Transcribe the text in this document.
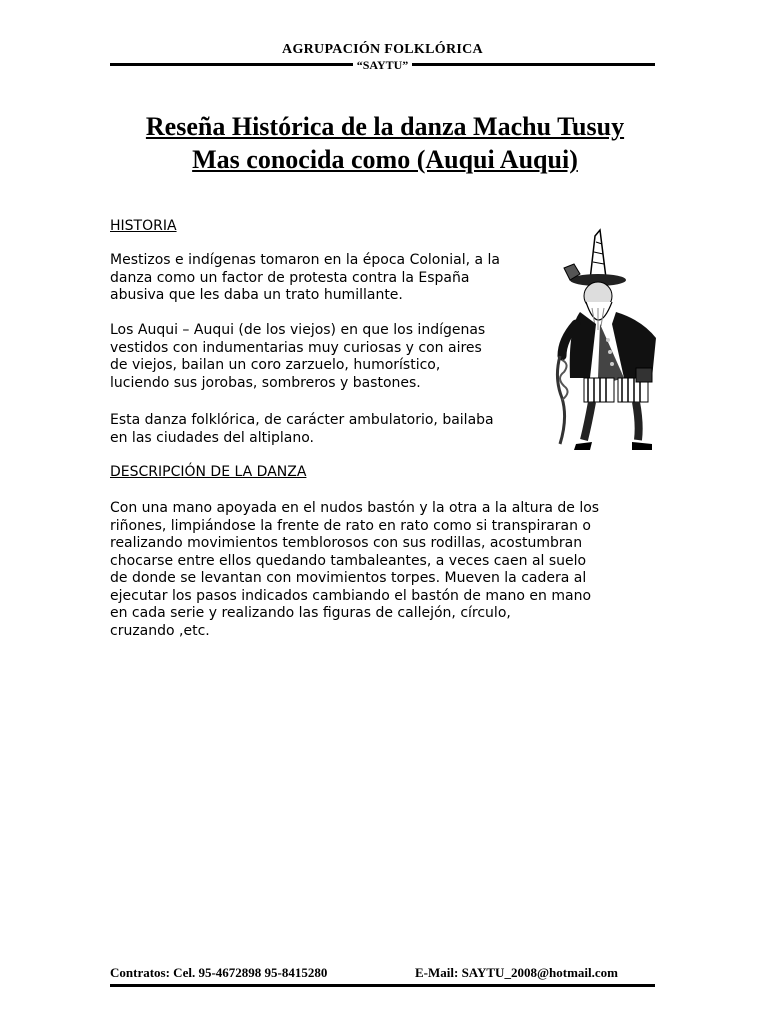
AGRUPACIÓN FOLKLÓRICA
“SAYTU”
Reseña Histórica de la danza Machu Tusuy
Mas conocida como (Auqui Auqui)
HISTORIA

Mestizos e indígenas tomaron en la época Colonial, a la
danza como un factor de protesta contra la España
abusiva que les daba un trato humillante.

Los Auqui – Auqui (de los viejos) en que los indígenas
vestidos con indumentarias muy curiosas y con aires
de viejos, bailan un coro zarzuelo, humorístico,
luciendo sus jorobas, sombreros y bastones.

Esta danza folklórica, de carácter ambulatorio, bailaba
en las ciudades del altiplano.

DESCRIPCIÓN DE LA DANZA

Con una mano apoyada en el nudos bastón y la otra a la altura de los
riñones, limpiándose la frente de rato en rato como si transpiraran o
realizando movimientos temblorosos con sus rodillas, acostumbran
chocarse entre ellos quedando tambaleantes, a veces caen al suelo
de donde se levantan con movimientos torpes. Mueven la cadera al
ejecutar los pasos indicados cambiando el bastón de mano en mano
en cada serie y realizando las figuras de callejón, círculo,
cruzando ,etc.

Contratos: Cel. 95-4672898 95-8415280	E-Mail: SAYTU_2008@hotmail.com
